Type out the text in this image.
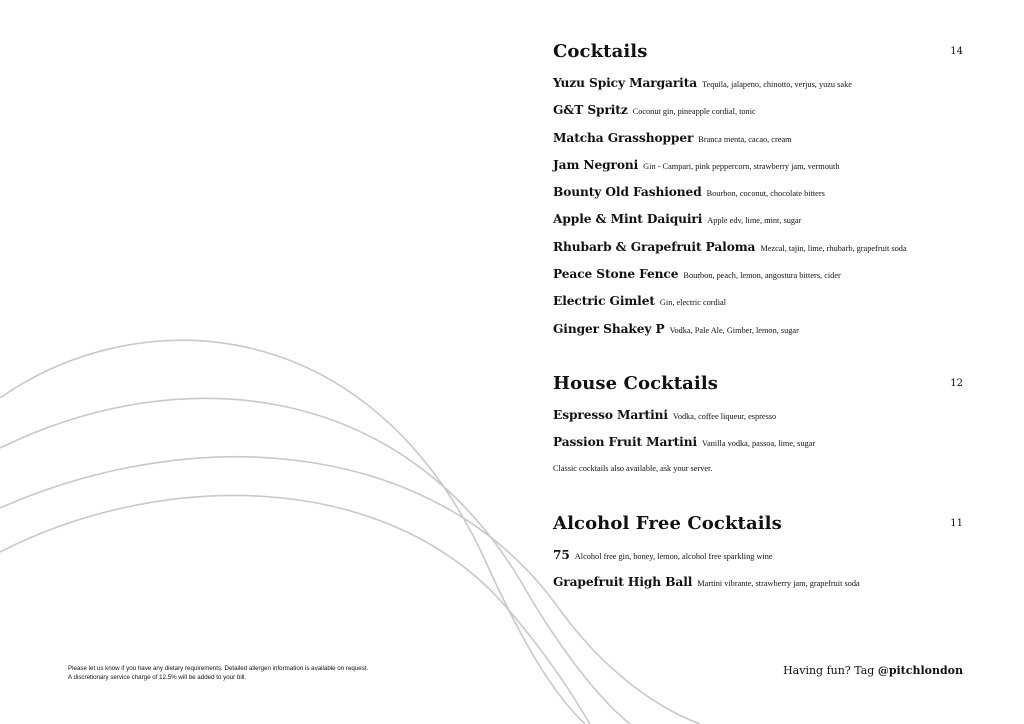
Cocktails	14
Yuzu Spicy Margarita Tequila, jalapeno, chinotto, verjus, yuzu sake
G&T Spritz Coconut gin, pineapple cordial, tonic
Matcha Grasshopper Branca menta, cacao, cream
Jam Negroni Gin - Campari, pink peppercorn, strawberry jam, vermouth
Bounty Old Fashioned Bourbon, coconut, chocolate bitters
Apple & Mint Daiquiri Apple edv, lime, mint, sugar
Rhubarb & Grapefruit Paloma Mezcal, tajin, lime, rhubarb, grapefruit soda
Peace Stone Fence Bourbon, peach, lemon, angostura bitters, cider
Electric Gimlet Gin, electric cordial
Ginger Shakey P Vodka, Pale Ale, Gimber, lemon, sugar
House Cocktails	12
Espresso Martini Vodka, coffee liqueur, espresso
Passion Fruit Martini Vanilla vodka, passoa, lime, sugar
Classic cocktails also available, ask your server.
Alcohol Free Cocktails	11
75 Alcohol free gin, honey, lemon, alcohol free sparkling wine
Grapefruit High Ball Martini vibrante, strawberry jam, grapefruit soda
Please let us know if you have any dietary requirements. Detailed allergen information is available on request.
A discretionary service charge of 12.5% will be added to your bill.
Having fun? Tag @pitchlondon
